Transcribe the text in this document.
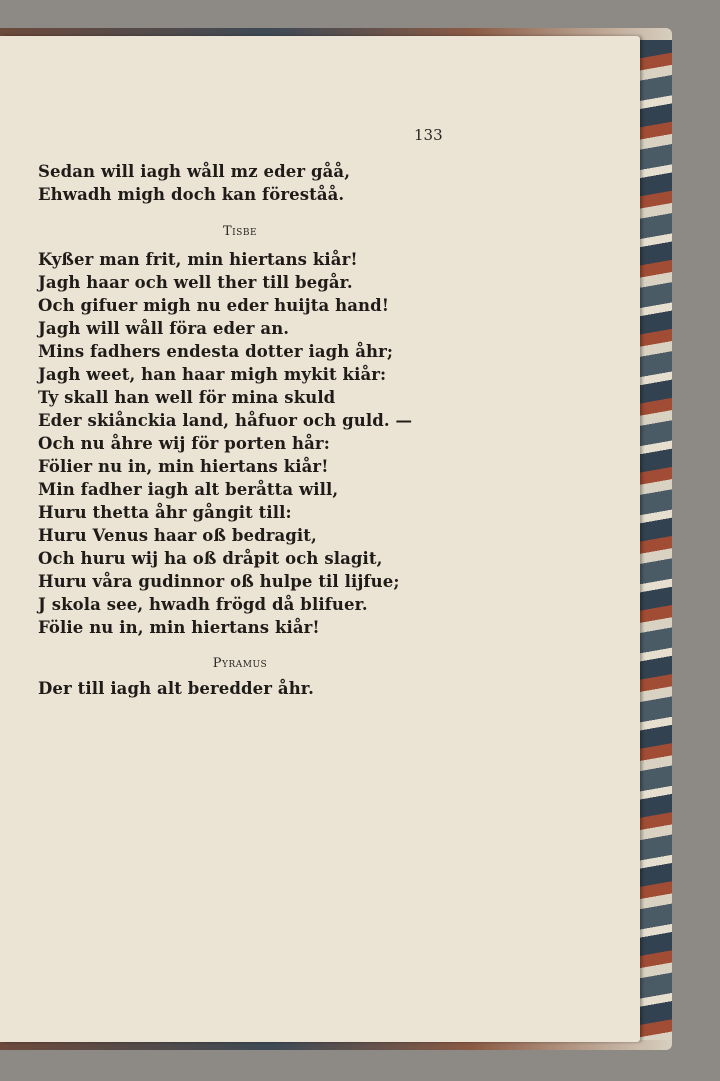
133
Sedan will iagh wåll mz eder gåå,
Ehwadh migh doch kan föreståå.
Tisbe
Kyßer man frit, min hiertans kiår!
Jagh haar och well ther till begår.
Och gifuer migh nu eder huijta hand!
Jagh will wåll föra eder an.
Mins fadhers endesta dotter iagh åhr;
Jagh weet, han haar migh mykit kiår:
Ty skall han well för mina skuld
Eder skiånckia land, håfuor och guld. —
Och nu åhre wij för porten hår:
Fölier nu in, min hiertans kiår!
Min fadher iagh alt beråtta will,
Huru thetta åhr gångit till:
Huru Venus haar oß bedragit,
Och huru wij ha oß dråpit och slagit,
Huru våra gudinnor oß hulpe til lijfue;
J skola see, hwadh frögd då blifuer.
Fölie nu in, min hiertans kiår!
Pyramus
Der till iagh alt beredder åhr.
